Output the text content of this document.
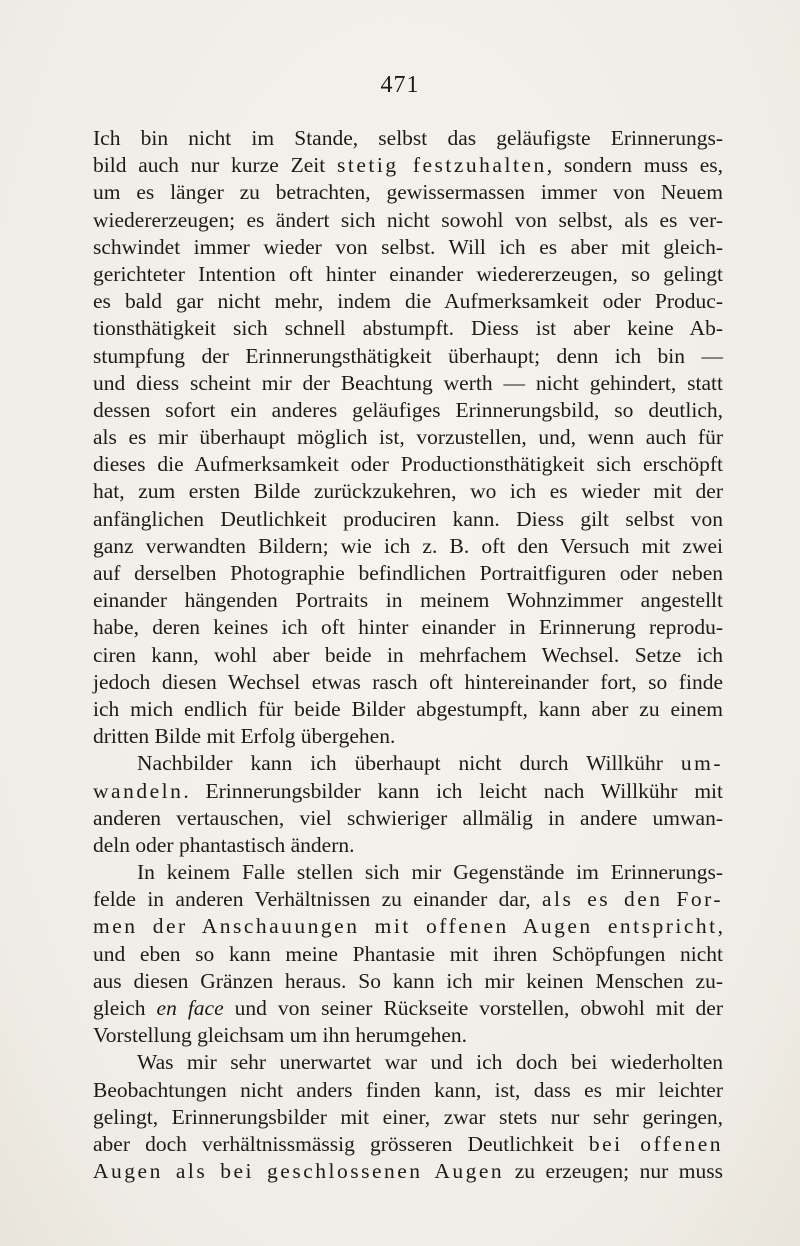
471
Ich bin nicht im Stande, selbst das geläufigste Erinnerungs-
bild auch nur kurze Zeit stetig festzuhalten, sondern muss es,
um es länger zu betrachten, gewissermassen immer von Neuem
wiedererzeugen; es ändert sich nicht sowohl von selbst, als es ver-
schwindet immer wieder von selbst. Will ich es aber mit gleich-
gerichteter Intention oft hinter einander wiedererzeugen, so gelingt
es bald gar nicht mehr, indem die Aufmerksamkeit oder Produc-
tionsthätigkeit sich schnell abstumpft. Diess ist aber keine Ab-
stumpfung der Erinnerungsthätigkeit überhaupt; denn ich bin —
und diess scheint mir der Beachtung werth — nicht gehindert, statt
dessen sofort ein anderes geläufiges Erinnerungsbild, so deutlich,
als es mir überhaupt möglich ist, vorzustellen, und, wenn auch für
dieses die Aufmerksamkeit oder Productionsthätigkeit sich erschöpft
hat, zum ersten Bilde zurückzukehren, wo ich es wieder mit der
anfänglichen Deutlichkeit produciren kann. Diess gilt selbst von
ganz verwandten Bildern; wie ich z. B. oft den Versuch mit zwei
auf derselben Photographie befindlichen Portraitfiguren oder neben
einander hängenden Portraits in meinem Wohnzimmer angestellt
habe, deren keines ich oft hinter einander in Erinnerung reprodu-
ciren kann, wohl aber beide in mehrfachem Wechsel. Setze ich
jedoch diesen Wechsel etwas rasch oft hintereinander fort, so finde
ich mich endlich für beide Bilder abgestumpft, kann aber zu einem
dritten Bilde mit Erfolg übergehen.
Nachbilder kann ich überhaupt nicht durch Willkühr um-
wandeln. Erinnerungsbilder kann ich leicht nach Willkühr mit
anderen vertauschen, viel schwieriger allmälig in andere umwan-
deln oder phantastisch ändern.
In keinem Falle stellen sich mir Gegenstände im Erinnerungs-
felde in anderen Verhältnissen zu einander dar, als es den For-
men der Anschauungen mit offenen Augen entspricht,
und eben so kann meine Phantasie mit ihren Schöpfungen nicht
aus diesen Gränzen heraus. So kann ich mir keinen Menschen zu-
gleich en face und von seiner Rückseite vorstellen, obwohl mit der
Vorstellung gleichsam um ihn herumgehen.
Was mir sehr unerwartet war und ich doch bei wiederholten
Beobachtungen nicht anders finden kann, ist, dass es mir leichter
gelingt, Erinnerungsbilder mit einer, zwar stets nur sehr geringen,
aber doch verhältnissmässig grösseren Deutlichkeit bei offenen
Augen als bei geschlossenen Augen zu erzeugen; nur muss
